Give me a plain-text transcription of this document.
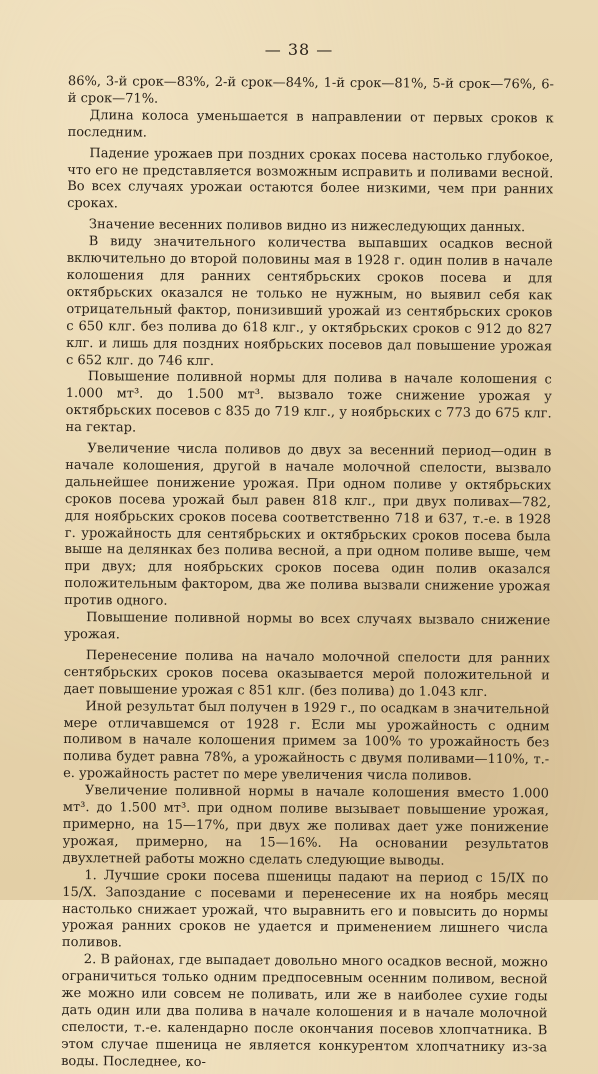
— 38 —

86%, 3-й срок—83%, 2-й срок—84%, 1-й срок—81%, 5-й срок—76%, 6-й срок—71%.

Длина колоса уменьшается в направлении от первых сроков к последним.

Падение урожаев при поздних сроках посева настолько глубокое, что его не представляется возможным исправить и поливами весной. Во всех случаях урожаи остаются более низкими, чем при ранних сроках.

Значение весенних поливов видно из нижеследующих данных.

В виду значительного количества выпавших осадков весной включительно до второй половины мая в 1928 г. один полив в начале колошения для ранних сентябрьских сроков посева и для октябрьских оказался не только не нужным, но выявил себя как отрицательный фактор, понизивший урожай из сентябрьских сроков с 650 клг. без полива до 618 клг., у октябрьских сроков с 912 до 827 клг. и лишь для поздних ноябрьских посевов дал повышение урожая с 652 клг. до 746 клг.

Повышение поливной нормы для полива в начале колошения с 1.000 мт³. до 1.500 мт³. вызвало тоже снижение урожая у октябрьских посевов с 835 до 719 клг., у ноябрьских с 773 до 675 клг. на гектар.

Увеличение числа поливов до двух за весенний период—один в начале колошения, другой в начале молочной спелости, вызвало дальнейшее понижение урожая. При одном поливе у октябрьских сроков посева урожай был равен 818 клг., при двух поливах—782, для ноябрьских сроков посева соответственно 718 и 637, т.-е. в 1928 г. урожайность для сентябрьских и октябрьских сроков посева была выше на делянках без полива весной, а при одном поливе выше, чем при двух; для ноябрьских сроков посева один полив оказался положительным фактором, два же полива вызвали снижение урожая против одного.

Повышение поливной нормы во всех случаях вызвало снижение урожая.

Перенесение полива на начало молочной спелости для ранних сентябрьских сроков посева оказывается мерой положительной и дает повышение урожая с 851 клг. (без полива) до 1.043 клг.

Иной результат был получен в 1929 г., по осадкам в значительной мере отличавшемся от 1928 г. Если мы урожайность с одним поливом в начале колошения примем за 100% то урожайность без полива будет равна 78%, а урожайность с двумя поливами—110%, т.-е. урожайность растет по мере увеличения числа поливов.

Увеличение поливной нормы в начале колошения вместо 1.000 мт³. до 1.500 мт³. при одном поливе вызывает повышение урожая, примерно, на 15—17%, при двух же поливах дает уже понижение урожая, примерно, на 15—16%. На основании результатов двухлетней работы можно сделать следующие выводы.

1. Лучшие сроки посева пшеницы падают на период с 15/IX по 15/X. Запоздание с посевами и перенесение их на ноябрь месяц настолько снижает урожай, что выравнить его и повысить до нормы урожая ранних сроков не удается и применением лишнего числа поливов.

2. В районах, где выпадает довольно много осадков весной, можно ограничиться только одним предпосевным осенним поливом, весной же можно или совсем не поливать, или же в наиболее сухие годы дать один или два полива в начале колошения и в начале молочной спелости, т.-е. календарно после окончания посевов хлопчатника. В этом случае пшеница не является конкурентом хлопчатнику из-за воды. Последнее, ко-
